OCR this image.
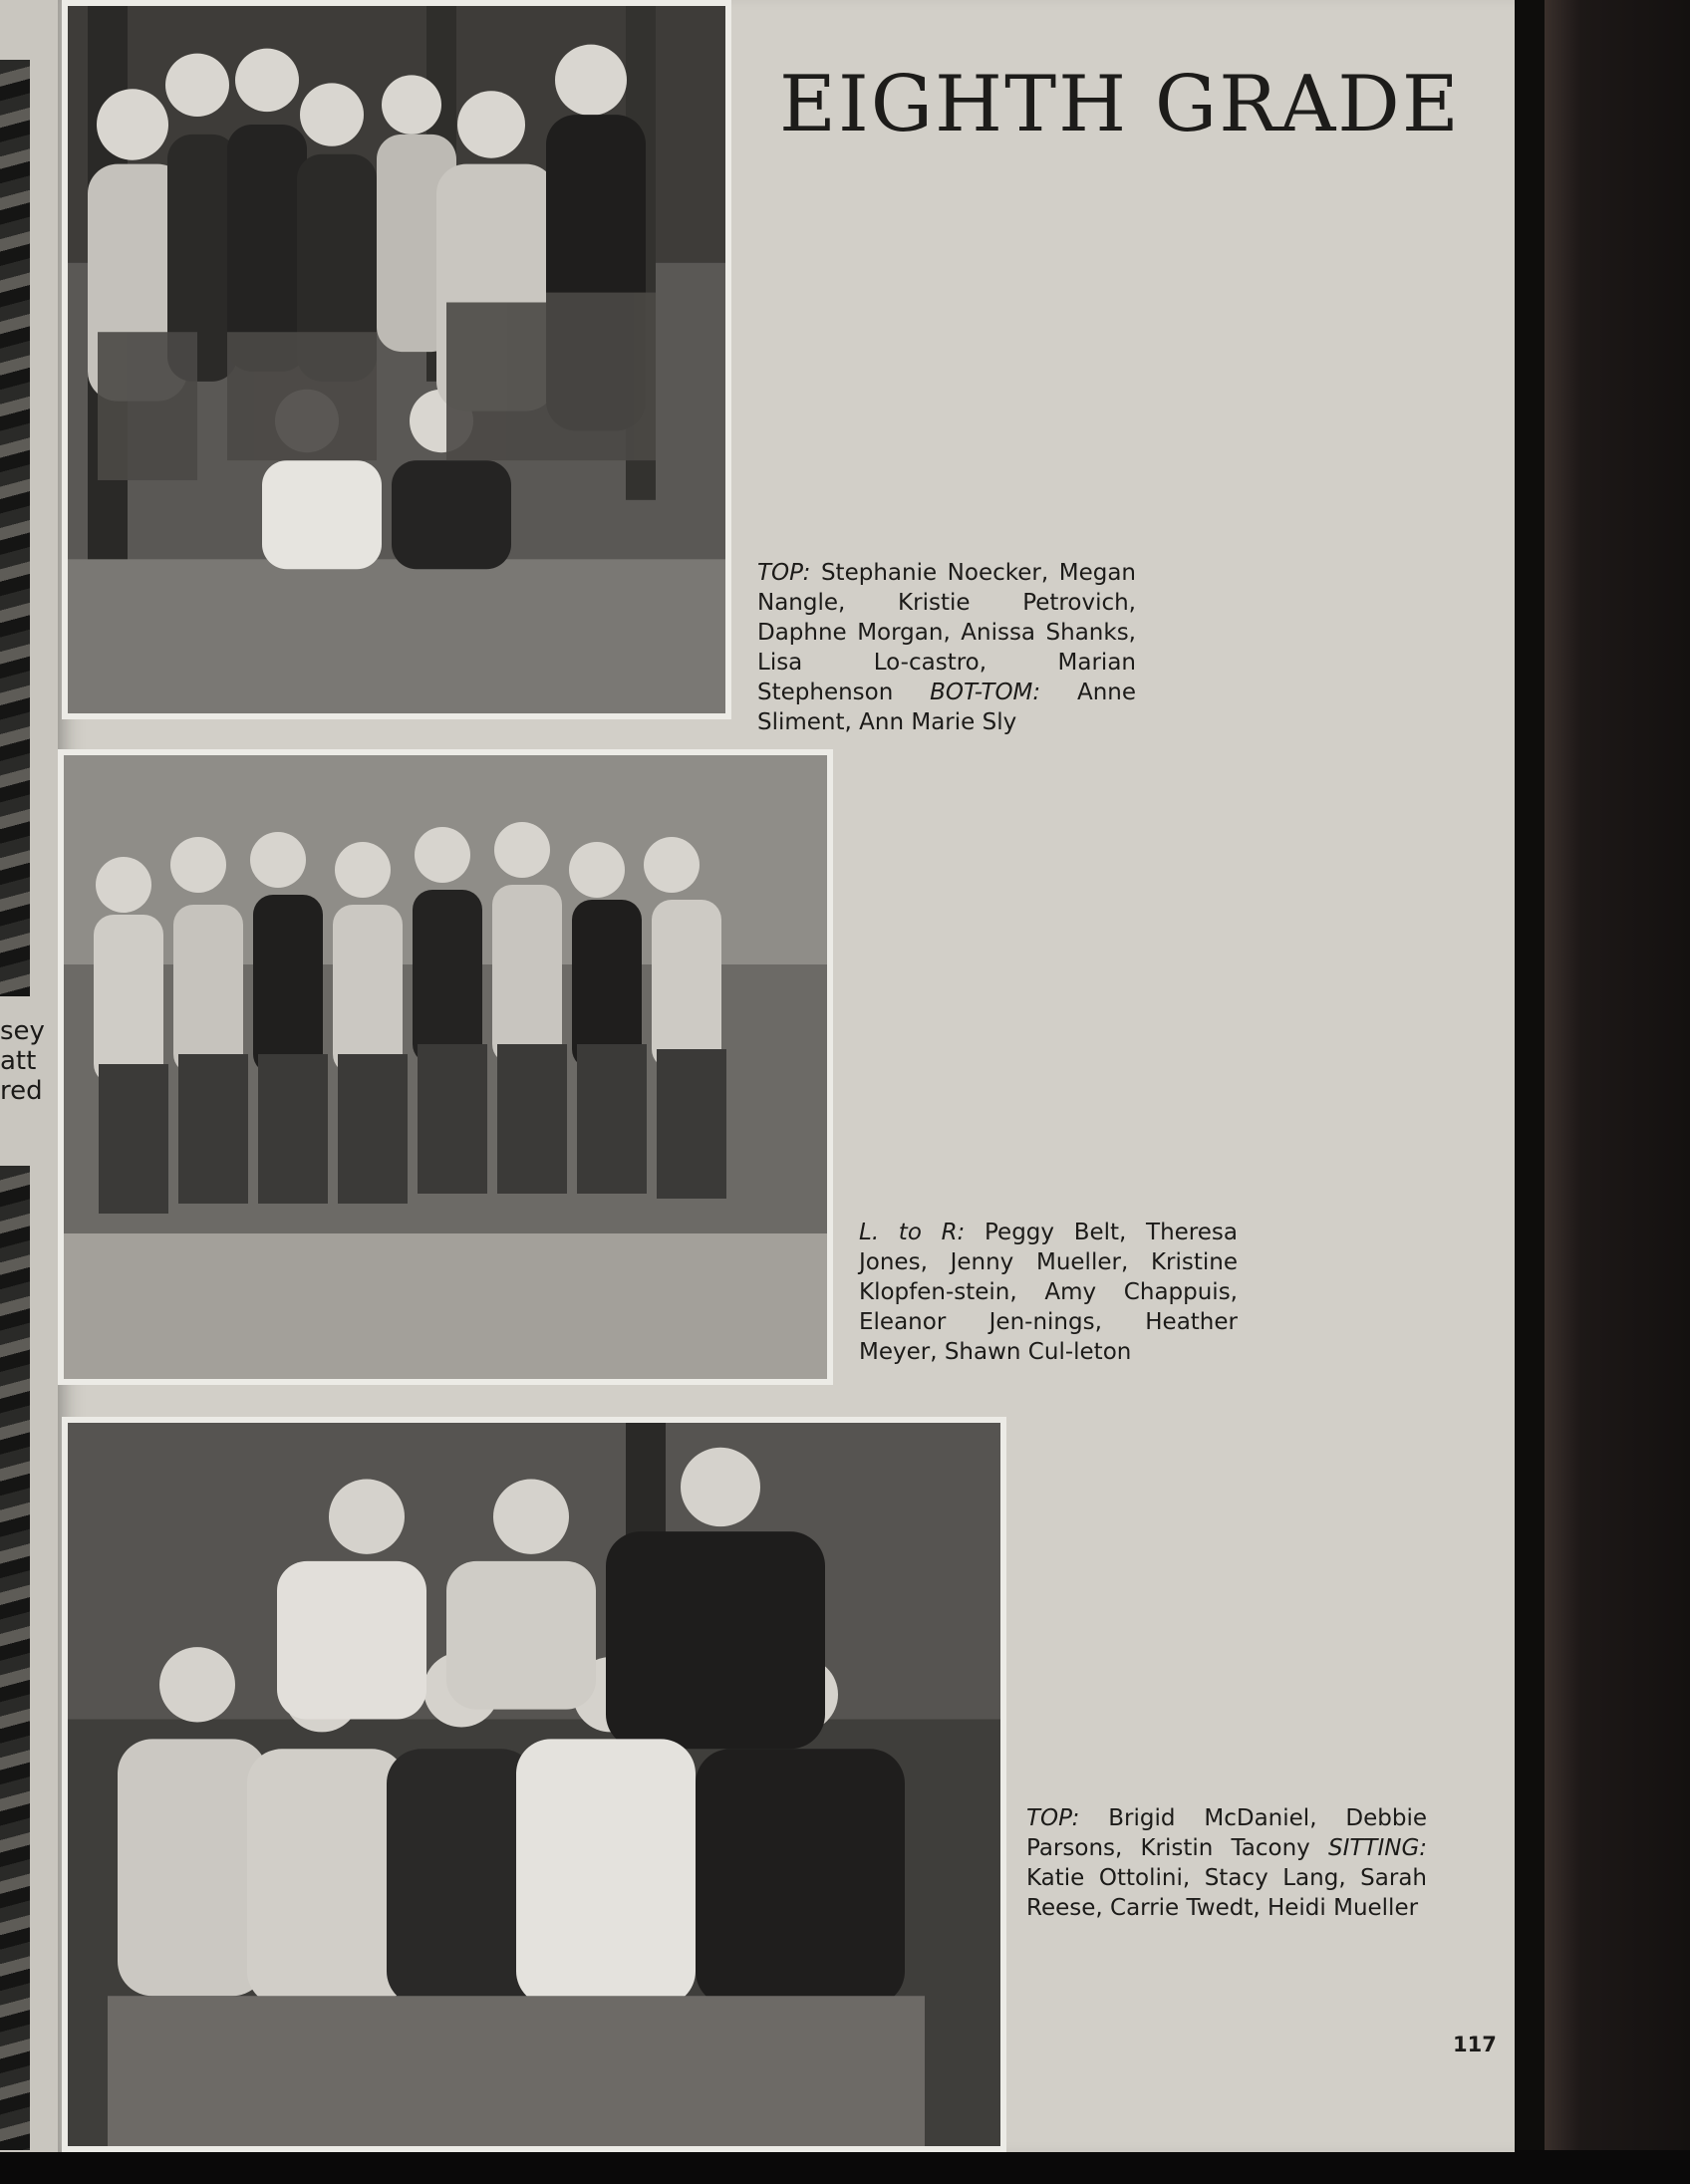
sey
att
red
EIGHTH GRADE

TOP: Stephanie Noecker, Megan Nangle, Kristie Petrovich, Daphne Morgan, Anissa Shanks, Lisa Lo-castro, Marian Stephenson BOT-TOM: Anne Sliment, Ann Marie Sly

L. to R: Peggy Belt, Theresa Jones, Jenny Mueller, Kristine Klopfen-stein, Amy Chappuis, Eleanor Jen-nings, Heather Meyer, Shawn Cul-leton

TOP: Brigid McDaniel, Debbie Parsons, Kristin Tacony SITTING: Katie Ottolini, Stacy Lang, Sarah Reese, Carrie Twedt, Heidi Mueller

117
